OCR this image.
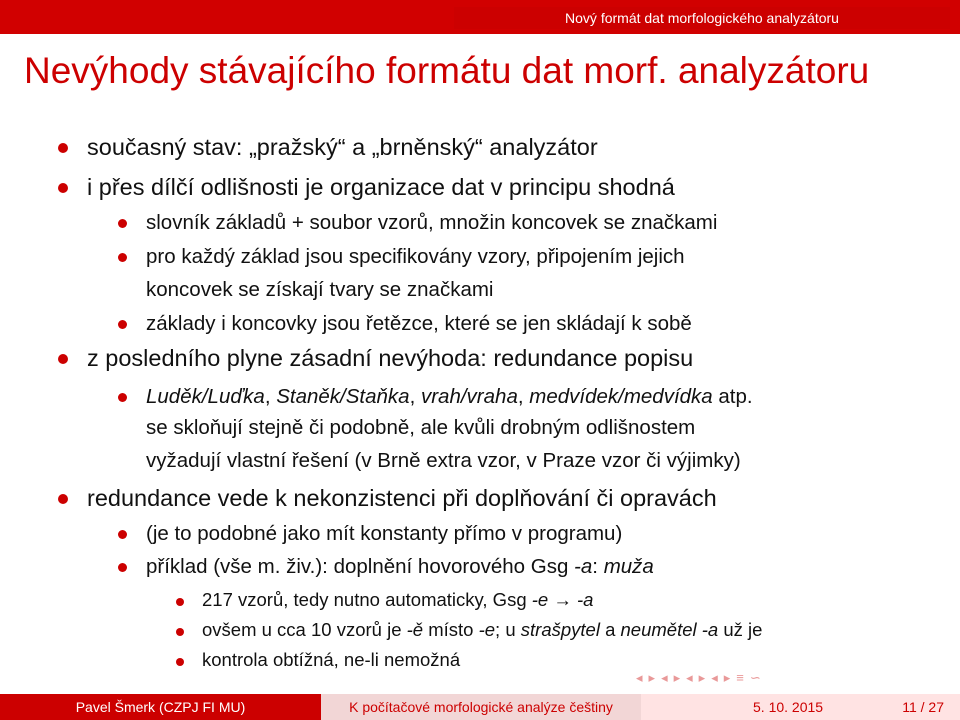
Nový formát dat morfologického analyzátoru
Nevýhody stávajícího formátu dat morf. analyzátoru
současný stav: „pražský“ a „brněnský“ analyzátor
i přes dílčí odlišnosti je organizace dat v principu shodná
slovník základů + soubor vzorů, množin koncovek se značkami
pro každý základ jsou specifikovány vzory, připojením jejich
koncovek se získají tvary se značkami
základy i koncovky jsou řetězce, které se jen skládají k sobě
z posledního plyne zásadní nevýhoda: redundance popisu
Luděk/Luďka, Staněk/Staňka, vrah/vraha, medvídek/medvídka atp.
se skloňují stejně či podobně, ale kvůli drobným odlišnostem
vyžadují vlastní řešení (v Brně extra vzor, v Praze vzor či výjimky)
redundance vede k nekonzistenci při doplňování či opravách
(je to podobné jako mít konstanty přímo v programu)
příklad (vše m. živ.): doplnění hovorového Gsg -a: muža
217 vzorů, tedy nutno automaticky, Gsg -e → -a
ovšem u cca 10 vzorů je -ě místo -e; u strašpytel a neumětel -a už je
kontrola obtížná, ne-li nemožná
◂ ▸ ◂ ▸ ◂ ▸ ◂ ▸ ≡ ∽
Pavel Šmerk (CZPJ FI MU)	K počítačové morfologické analýze češtiny	5. 10. 2015	11 / 27
